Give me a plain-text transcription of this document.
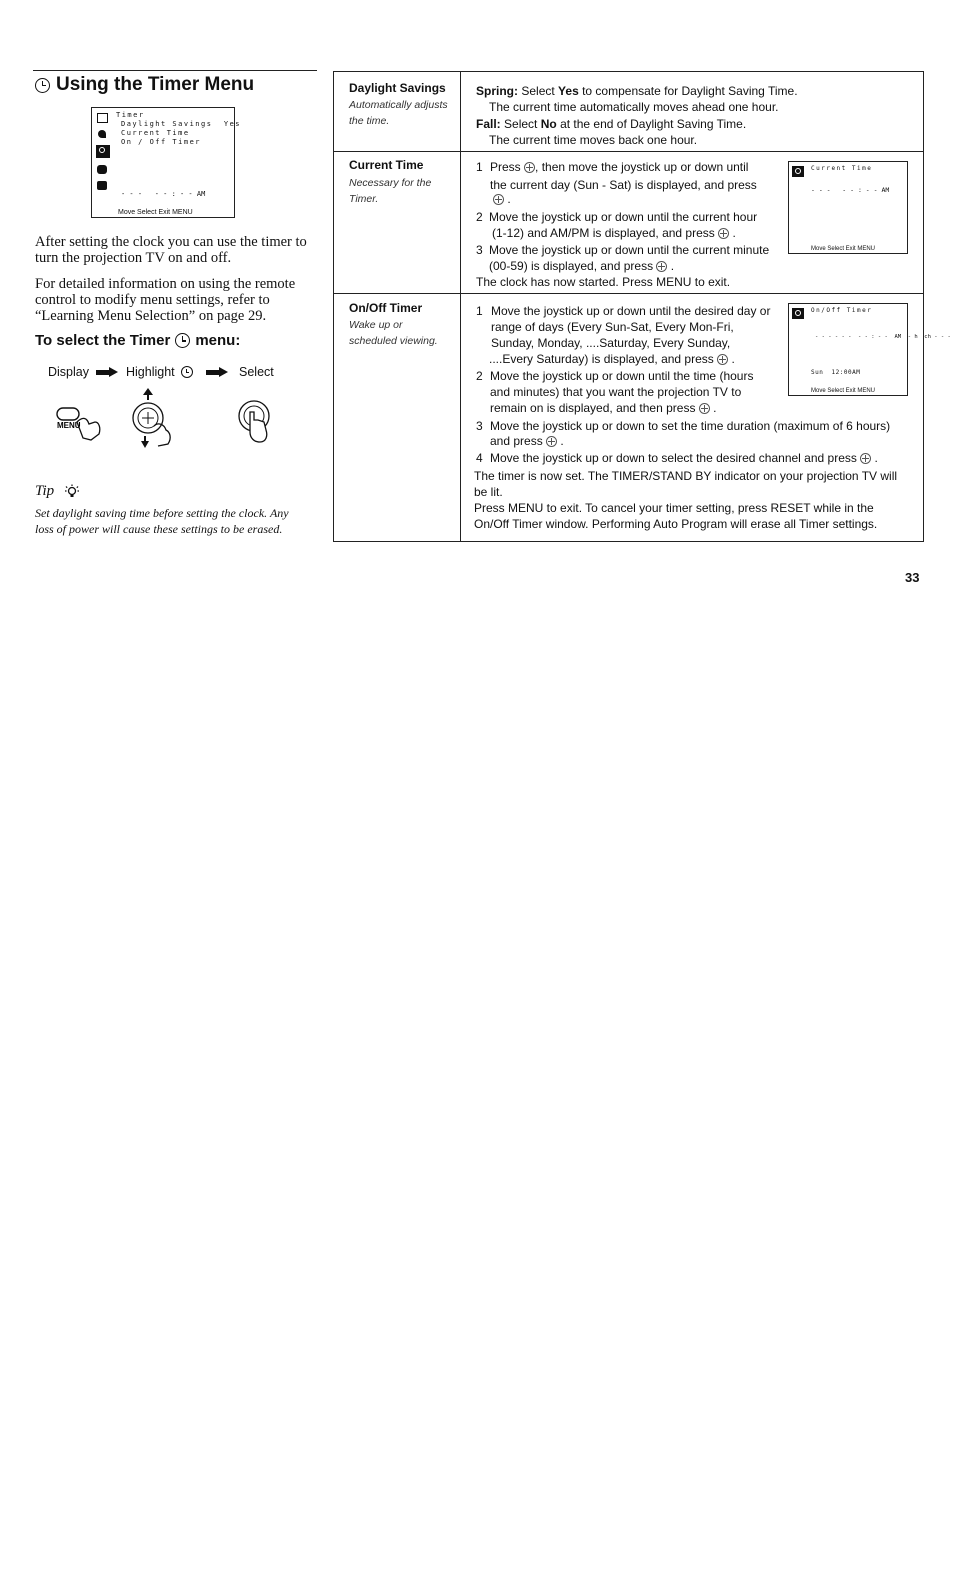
Using the Timer Menu
Timer
Daylight Savings  Yes
Current Time
On / Off Timer
- - -   - - : - - AM
Move Select Exit MENU
After setting the clock you can use the timer to turn the projection TV on and off.
For detailed information on using the remote control to modify menu settings, refer to “Learning Menu Selection” on page 29.
To select the Timer menu:
Display	Highlight	Select
MENU
Tip
Set daylight saving time before setting the clock. Any loss of power will cause these settings to be erased.
Daylight Savings
Automatically adjusts the time.
Spring: Select Yes to compensate for Daylight Saving Time.
The current time automatically moves ahead one hour.
Fall: Select No at the end of Daylight Saving Time.
The current time moves back one hour.
Current Time
Necessary for the Timer.
1 Press , then move the joystick up or down until
the current day (Sun - Sat) is displayed, and press
.
2 Move the joystick up or down until the current hour
(1-12) and AM/PM is displayed, and press  .
3 Move the joystick up or down until the current minute
(00-59) is displayed, and press  .
The clock has now started. Press MENU to exit.
Current Time
- - -   - - : - - AM
Move Select Exit MENU
On/Off Timer
Wake up or scheduled viewing.
1 Move the joystick up or down until the desired day or
range of days (Every Sun-Sat, Every Mon-Fri,
Sunday, Monday, ....Saturday, Every Sunday,
....Every Saturday) is displayed, and press  .
2 Move the joystick up or down until the time (hours
and minutes) that you want the projection TV to
remain on is displayed, and then press  .
3 Move the joystick up or down to set the time duration (maximum of 6 hours)
and press  .
4 Move the joystick up or down to select the desired channel and press  .
The timer is now set. The TIMER/STAND BY indicator on your projection TV will be lit.
Press MENU to exit. To cancel your timer setting, press RESET while in the On/Off Timer window. Performing Auto Program will erase all Timer settings.
On/Off Timer
- - - - - -  - - : - -  AM  - h  ch - - -
Sun  12:00AM
Move Select Exit MENU
33
